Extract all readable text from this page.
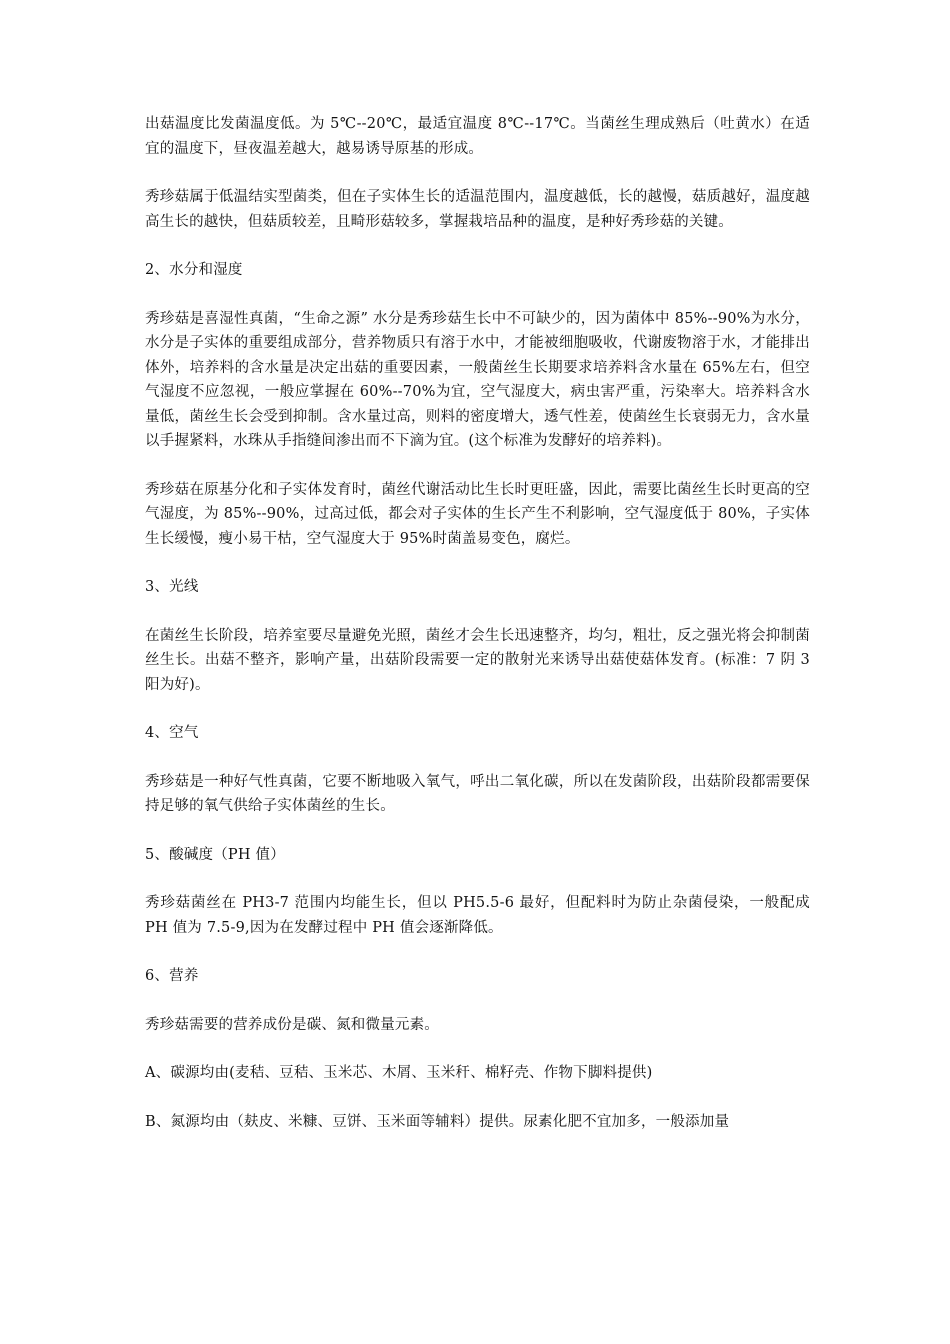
出菇温度比发菌温度低。为 5℃--20℃，最适宜温度 8℃--17℃。当菌丝生理成熟后（吐黄水）在适宜的温度下，昼夜温差越大，越易诱导原基的形成。

秀珍菇属于低温结实型菌类，但在子实体生长的适温范围内，温度越低，长的越慢，菇质越好，温度越高生长的越快，但菇质较差，且畸形菇较多，掌握栽培品种的温度，是种好秀珍菇的关键。

2、水分和湿度

秀珍菇是喜湿性真菌，“生命之源” 水分是秀珍菇生长中不可缺少的，因为菌体中 85%--90%为水分，水分是子实体的重要组成部分，营养物质只有溶于水中，才能被细胞吸收，代谢废物溶于水，才能排出体外，培养料的含水量是决定出菇的重要因素，一般菌丝生长期要求培养料含水量在 65%左右，但空气湿度不应忽视，一般应掌握在 60%--70%为宜，空气湿度大，病虫害严重，污染率大。培养料含水量低，菌丝生长会受到抑制。含水量过高，则料的密度增大，透气性差，使菌丝生长衰弱无力，含水量以手握紧料，水珠从手指缝间渗出而不下滴为宜。(这个标准为发酵好的培养料)。

秀珍菇在原基分化和子实体发育时，菌丝代谢活动比生长时更旺盛，因此，需要比菌丝生长时更高的空气湿度，为 85%--90%，过高过低，都会对子实体的生长产生不利影响，空气湿度低于 80%，子实体生长缓慢，瘦小易干枯，空气湿度大于 95%时菌盖易变色，腐烂。

3、光线

在菌丝生长阶段，培养室要尽量避免光照，菌丝才会生长迅速整齐，均匀，粗壮，反之强光将会抑制菌丝生长。出菇不整齐，影响产量，出菇阶段需要一定的散射光来诱导出菇使菇体发育。(标准：7 阴 3 阳为好)。

4、空气

秀珍菇是一种好气性真菌，它要不断地吸入氧气，呼出二氧化碳，所以在发菌阶段，出菇阶段都需要保持足够的氧气供给子实体菌丝的生长。

5、酸碱度（PH 值）

秀珍菇菌丝在 PH3-7 范围内均能生长，但以 PH5.5-6 最好，但配料时为防止杂菌侵染，一般配成 PH 值为 7.5-9,因为在发酵过程中 PH 值会逐渐降低。

6、营养

秀珍菇需要的营养成份是碳、氮和微量元素。

A、碳源均由(麦秸、豆秸、玉米芯、木屑、玉米秆、棉籽壳、作物下脚料提供)

B、氮源均由（麸皮、米糠、豆饼、玉米面等辅料）提供。尿素化肥不宜加多，一般添加量
